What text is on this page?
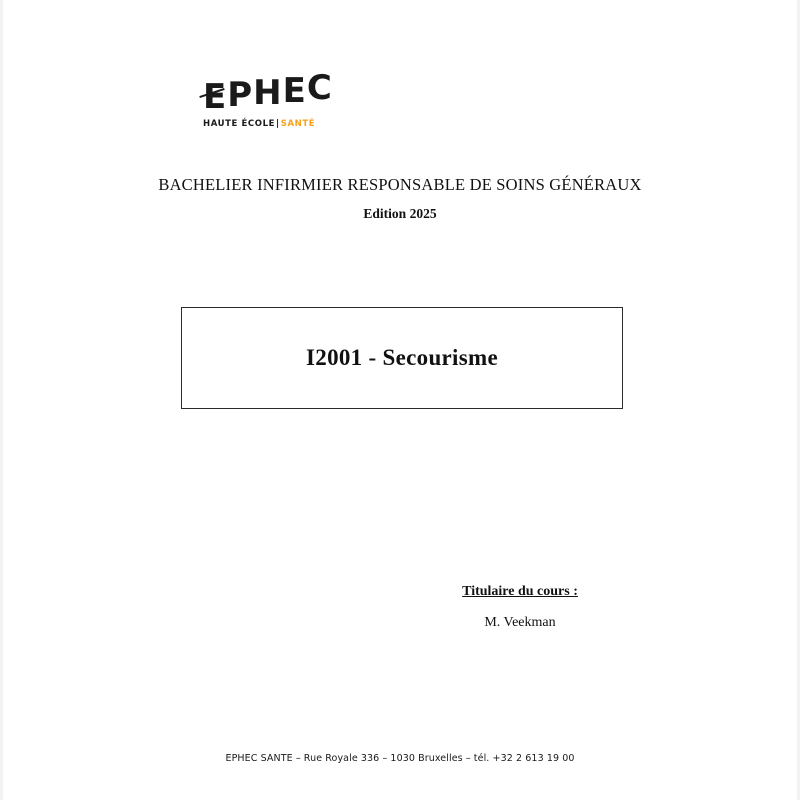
EPHEC
HAUTE ÉCOLE|SANTÉ
BACHELIER INFIRMIER RESPONSABLE DE SOINS GÉNÉRAUX
Edition 2025
I2001 - Secourisme
Titulaire du cours :
M. Veekman
EPHEC SANTE – Rue Royale 336 – 1030 Bruxelles – tél. +32 2 613 19 00
